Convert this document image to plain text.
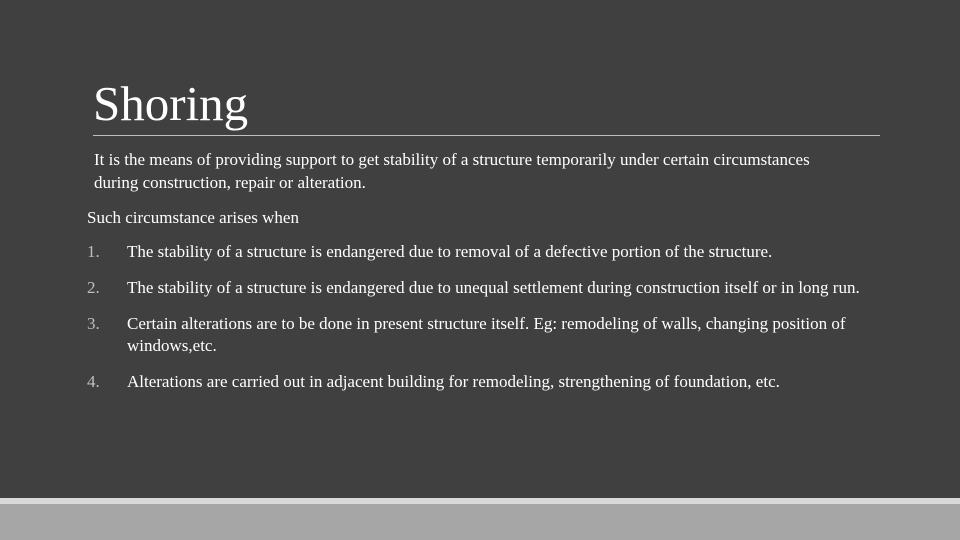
Shoring
It is the means of providing support to get stability of a structure temporarily under certain circumstances during construction, repair or alteration.
Such circumstance arises when
1. The stability of a structure is endangered due to removal of a defective portion of the structure.
2. The stability of a structure is endangered due to unequal settlement during construction itself or in long run.
3. Certain alterations are to be done in present structure itself. Eg: remodeling of walls, changing position of windows,etc.
4. Alterations are carried out in adjacent building for remodeling, strengthening of foundation, etc.
